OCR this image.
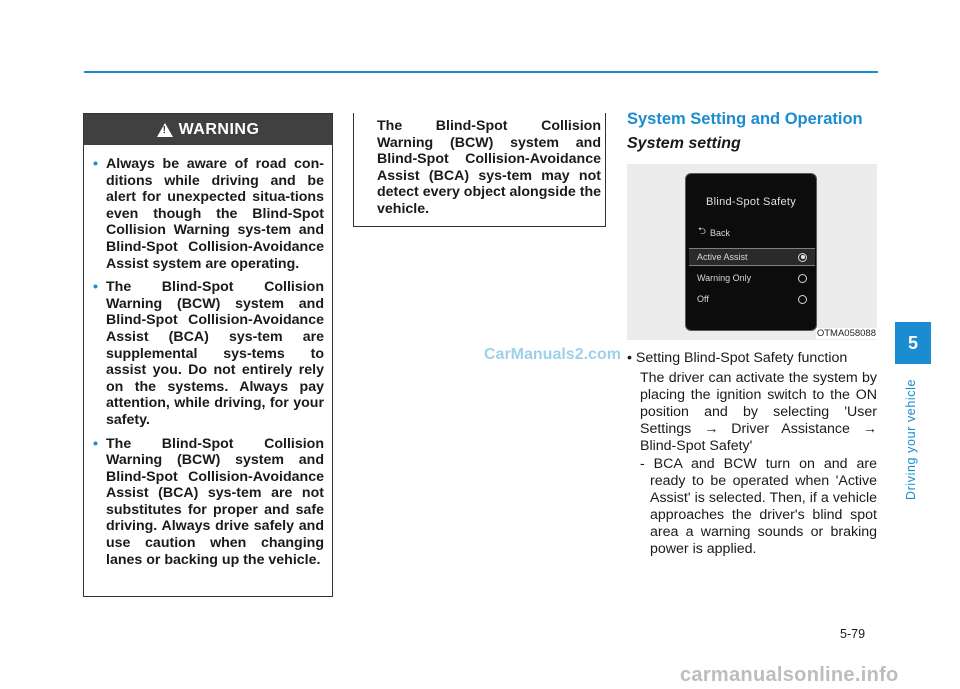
!
WARNING
• Always be aware of road con-ditions while driving and be alert for unexpected situa-tions even though the Blind-Spot Collision Warning sys-tem and Blind-Spot Collision-Avoidance Assist system are operating.
• The Blind-Spot Collision Warning (BCW) system and Blind-Spot Collision-Avoidance Assist (BCA) sys-tem are supplemental sys-tems to assist you. Do not entirely rely on the systems. Always pay attention, while driving, for your safety.
• The Blind-Spot Collision Warning (BCW) system and Blind-Spot Collision-Avoidance Assist (BCA) sys-tem are not substitutes for proper and safe driving. Always drive safely and use caution when changing lanes or backing up the vehicle.
The Blind-Spot Collision Warning (BCW) system and Blind-Spot Collision-Avoidance Assist (BCA) sys-tem may not detect every object alongside the vehicle.
System Setting and Operation
System setting
Blind-Spot Safety
⮌ Back
Active Assist
Warning Only
Off
OTMA058088
• Setting Blind-Spot Safety function
The driver can activate the system by placing the ignition switch to the ON position and by selecting 'User Settings → Driver Assistance → Blind-Spot Safety'
- BCA and BCW turn on and are ready to be operated when 'Active Assist' is selected. Then, if a vehicle approaches the driver's blind spot area a warning sounds or braking power is applied.
CarManuals2.com
carmanualsonline.info
5
Driving your vehicle
5-79
